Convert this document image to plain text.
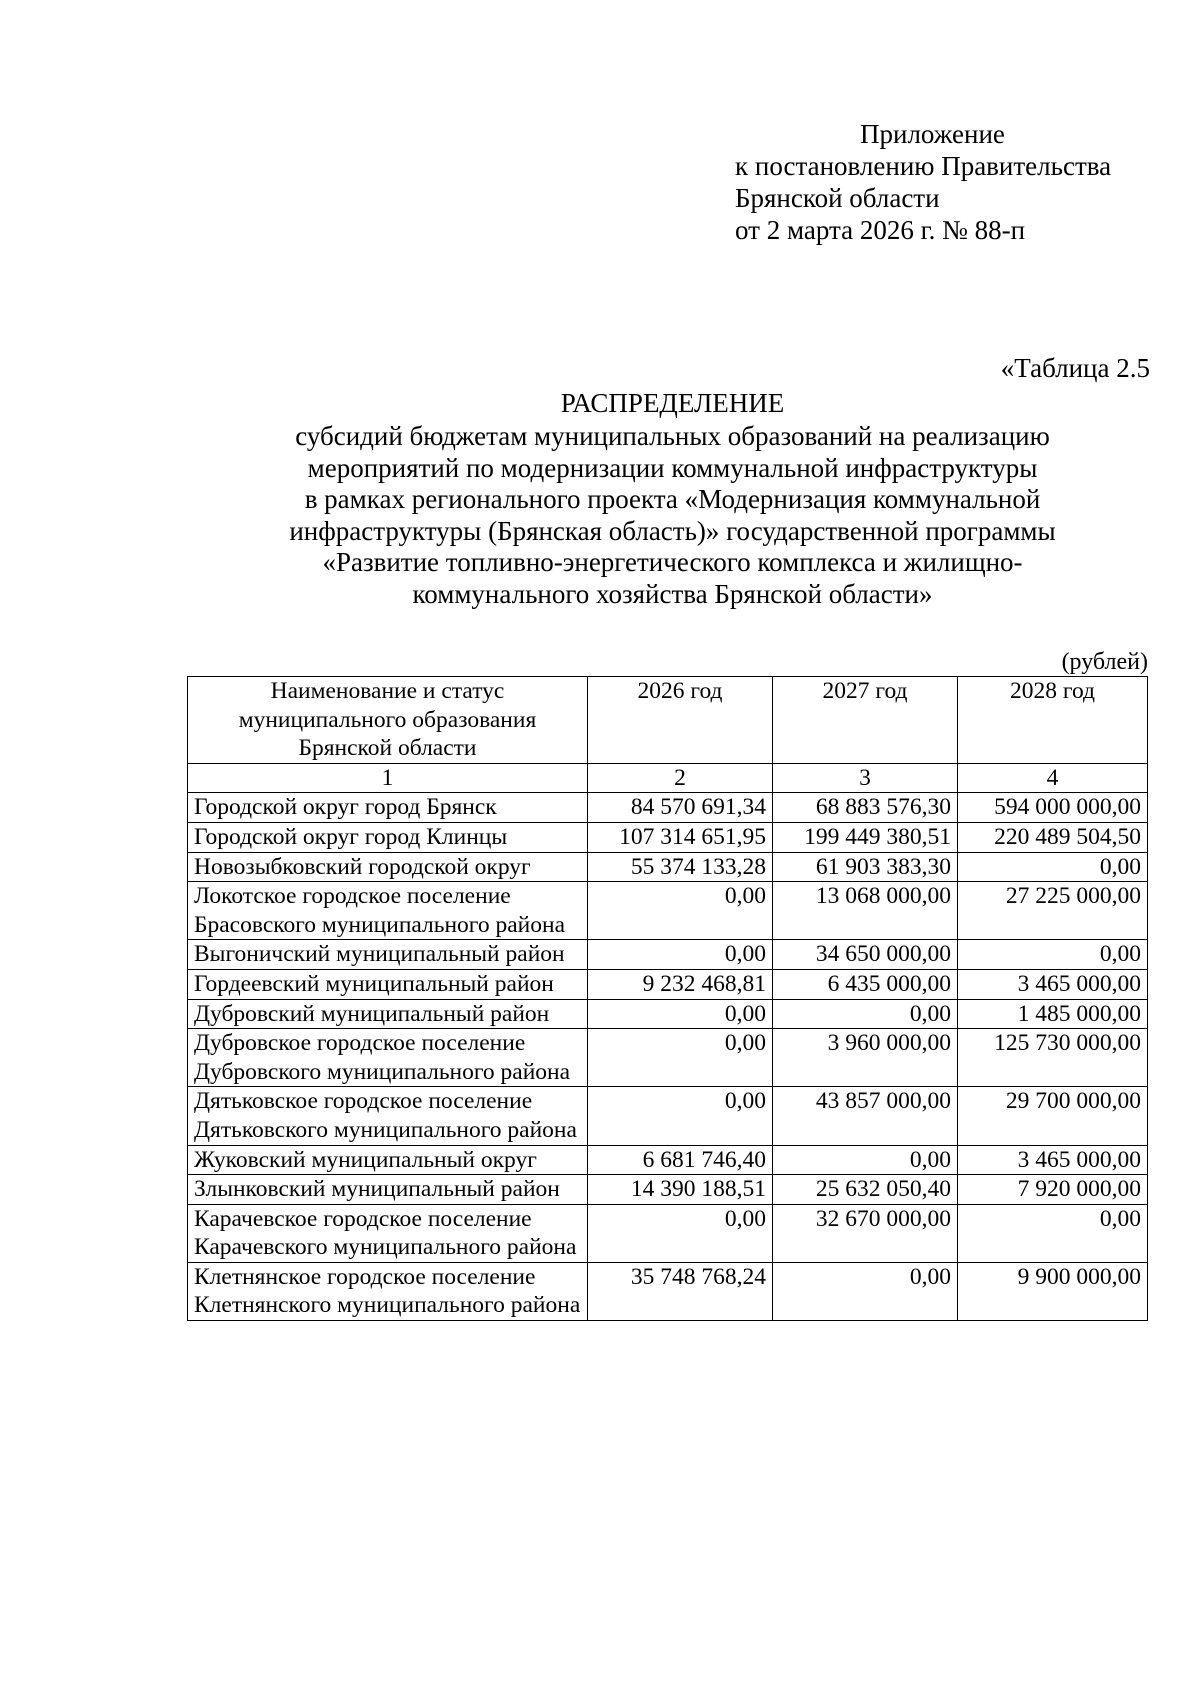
Приложение
к постановлению Правительства
Брянской области
от 2 марта 2026 г. № 88-п
«Таблица 2.5
РАСПРЕДЕЛЕНИЕ
субсидий бюджетам муниципальных образований на реализацию
мероприятий по модернизации коммунальной инфраструктуры
в рамках регионального проекта «Модернизация коммунальной
инфраструктуры (Брянская область)» государственной программы
«Развитие топливно-энергетического комплекса и жилищно-
коммунального хозяйства Брянской области»
(рублей)
Наименование и статус муниципального образования Брянской области	2026 год	2027 год	2028 год
1	2	3	4
Городской округ город Брянск	84 570 691,34	68 883 576,30	594 000 000,00
Городской округ город Клинцы	107 314 651,95	199 449 380,51	220 489 504,50
Новозыбковский городской округ	55 374 133,28	61 903 383,30	0,00
Локотское городское поселение Брасовского муниципального района	0,00	13 068 000,00	27 225 000,00
Выгоничский муниципальный район	0,00	34 650 000,00	0,00
Гордеевский муниципальный район	9 232 468,81	6 435 000,00	3 465 000,00
Дубровский муниципальный район	0,00	0,00	1 485 000,00
Дубровское городское поселение Дубровского муниципального района	0,00	3 960 000,00	125 730 000,00
Дятьковское городское поселение Дятьковского муниципального района	0,00	43 857 000,00	29 700 000,00
Жуковский муниципальный округ	6 681 746,40	0,00	3 465 000,00
Злынковский муниципальный район	14 390 188,51	25 632 050,40	7 920 000,00
Карачевское городское поселение Карачевского муниципального района	0,00	32 670 000,00	0,00
Клетнянское городское поселение Клетнянского муниципального района	35 748 768,24	0,00	9 900 000,00
